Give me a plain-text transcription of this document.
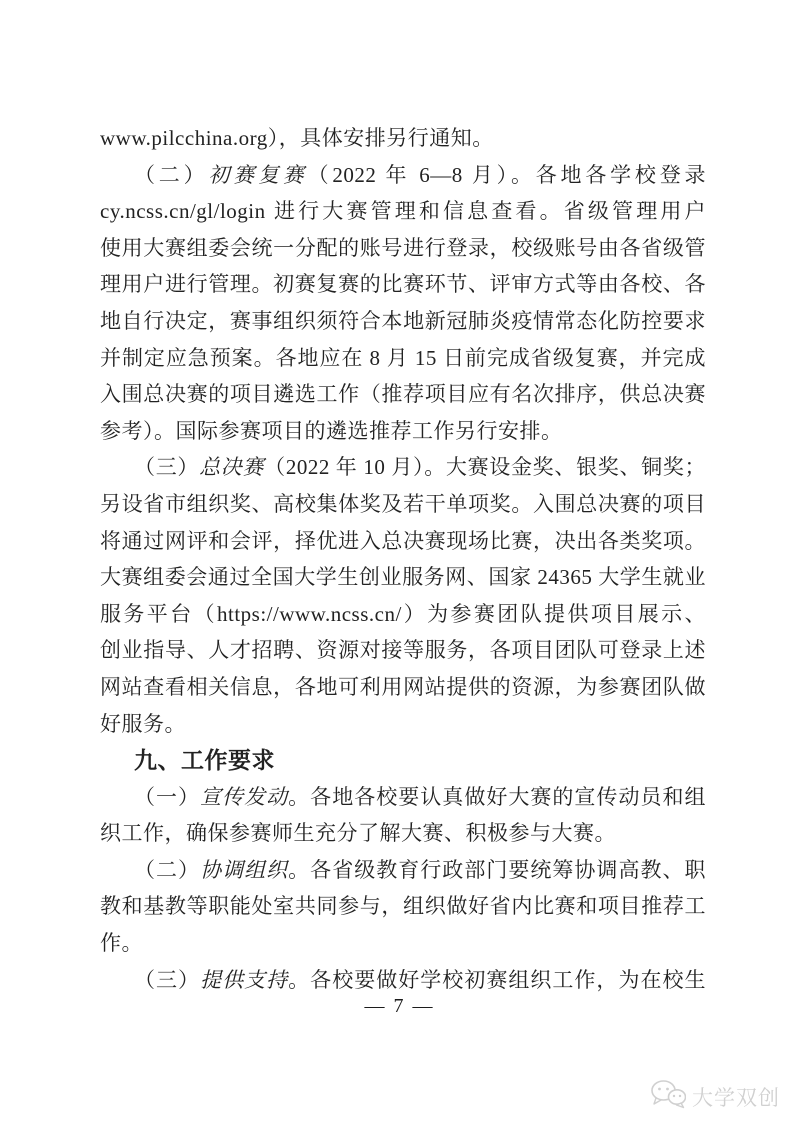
www.pilcchina.org），具体安排另行通知。
（二）初赛复赛（2022 年 6—8 月）。各地各学校登录
cy.ncss.cn/gl/login 进行大赛管理和信息查看。省级管理用户
使用大赛组委会统一分配的账号进行登录，校级账号由各省级管
理用户进行管理。初赛复赛的比赛环节、评审方式等由各校、各
地自行决定，赛事组织须符合本地新冠肺炎疫情常态化防控要求
并制定应急预案。各地应在 8 月 15 日前完成省级复赛，并完成
入围总决赛的项目遴选工作（推荐项目应有名次排序，供总决赛
参考）。国际参赛项目的遴选推荐工作另行安排。
（三）总决赛（2022 年 10 月）。大赛设金奖、银奖、铜奖；
另设省市组织奖、高校集体奖及若干单项奖。入围总决赛的项目
将通过网评和会评，择优进入总决赛现场比赛，决出各类奖项。
大赛组委会通过全国大学生创业服务网、国家 24365 大学生就业
服务平台（https://www.ncss.cn/）为参赛团队提供项目展示、
创业指导、人才招聘、资源对接等服务，各项目团队可登录上述
网站查看相关信息，各地可利用网站提供的资源，为参赛团队做
好服务。
九、工作要求
（一）宣传发动。各地各校要认真做好大赛的宣传动员和组
织工作，确保参赛师生充分了解大赛、积极参与大赛。
（二）协调组织。各省级教育行政部门要统筹协调高教、职
教和基教等职能处室共同参与，组织做好省内比赛和项目推荐工
作。
（三）提供支持。各校要做好学校初赛组织工作，为在校生
— 7 —
大学双创
